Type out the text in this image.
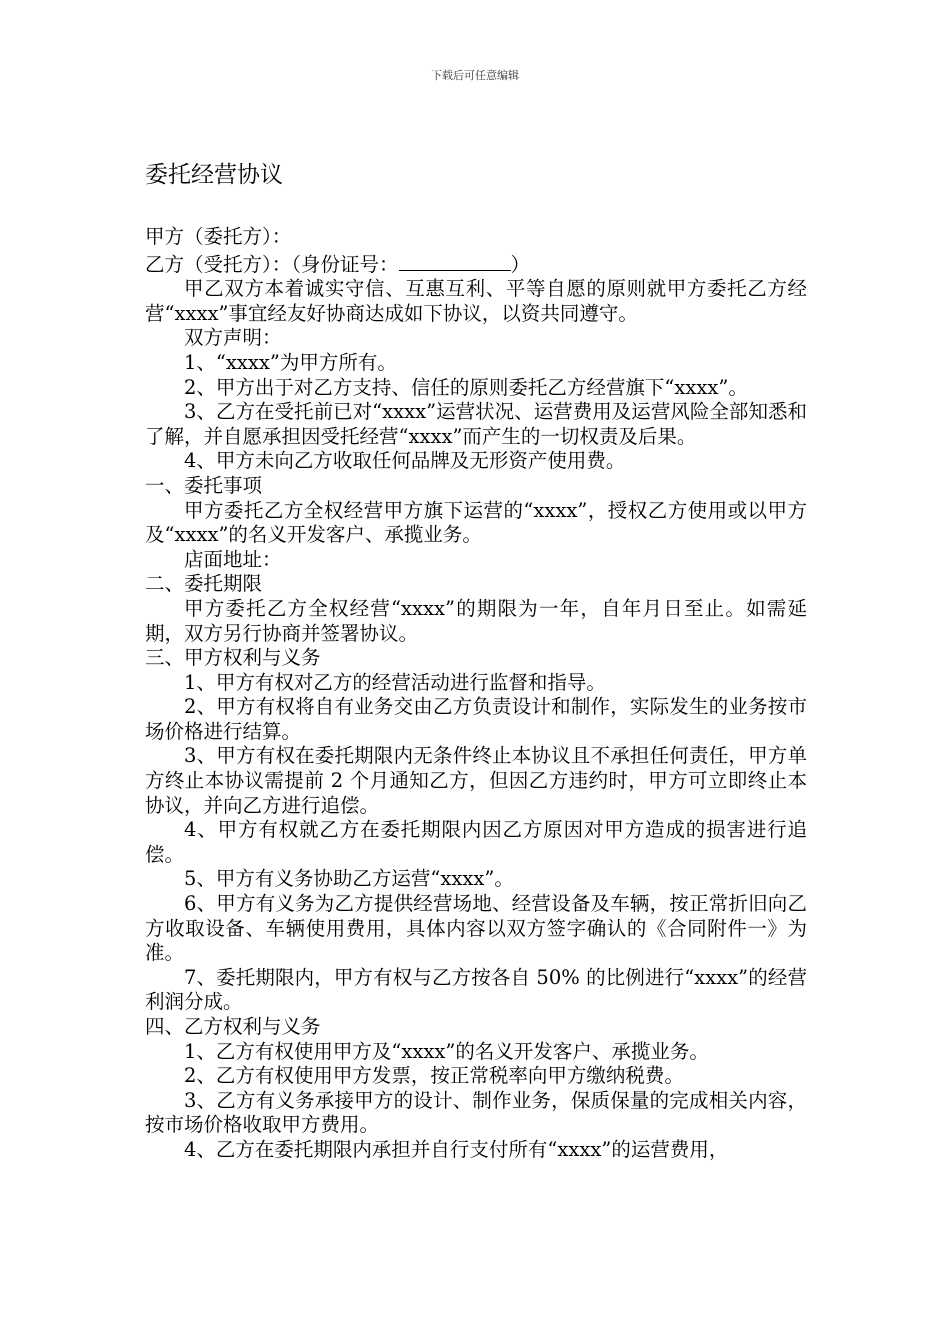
下载后可任意编辑
委托经营协议

甲方（委托方）：

乙方（受托方）：（身份证号：	）

甲乙双方本着诚实守信、互惠互利、平等自愿的原则就甲方委托乙方经营“xxxx”事宜经友好协商达成如下协议，以资共同遵守。

双方声明：

1、“xxxx”为甲方所有。

2、甲方出于对乙方支持、信任的原则委托乙方经营旗下“xxxx”。

3、乙方在受托前已对“xxxx”运营状况、运营费用及运营风险全部知悉和了解，并自愿承担因受托经营“xxxx”而产生的一切权责及后果。

4、甲方未向乙方收取任何品牌及无形资产使用费。

一、委托事项

甲方委托乙方全权经营甲方旗下运营的“xxxx”，授权乙方使用或以甲方及“xxxx”的名义开发客户、承揽业务。

店面地址：

二、委托期限

甲方委托乙方全权经营“xxxx”的期限为一年，自年月日至止。如需延期，双方另行协商并签署协议。

三、甲方权利与义务

1、甲方有权对乙方的经营活动进行监督和指导。

2、甲方有权将自有业务交由乙方负责设计和制作，实际发生的业务按市场价格进行结算。

3、甲方有权在委托期限内无条件终止本协议且不承担任何责任，甲方单方终止本协议需提前 2 个月通知乙方，但因乙方违约时，甲方可立即终止本协议，并向乙方进行追偿。

4、甲方有权就乙方在委托期限内因乙方原因对甲方造成的损害进行追偿。

5、甲方有义务协助乙方运营“xxxx”。

6、甲方有义务为乙方提供经营场地、经营设备及车辆，按正常折旧向乙方收取设备、车辆使用费用，具体内容以双方签字确认的《合同附件一》为准。

7、委托期限内，甲方有权与乙方按各自 50% 的比例进行“xxxx”的经营利润分成。

四、乙方权利与义务

1、乙方有权使用甲方及“xxxx”的名义开发客户、承揽业务。

2、乙方有权使用甲方发票，按正常税率向甲方缴纳税费。

3、乙方有义务承接甲方的设计、制作业务，保质保量的完成相关内容，按市场价格收取甲方费用。

4、乙方在委托期限内承担并自行支付所有“xxxx”的运营费用，
